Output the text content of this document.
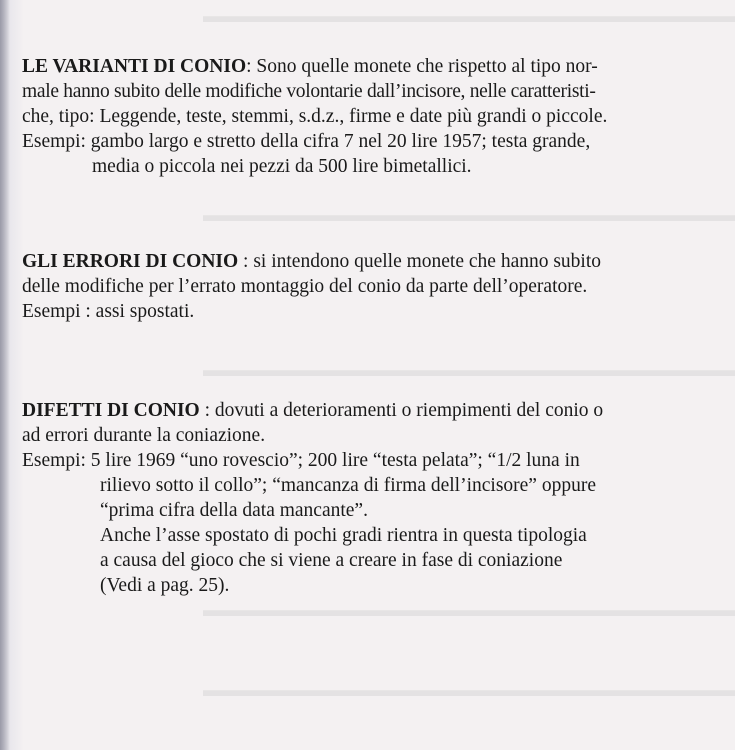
▬▬▬▬▬▬▬▬▬▬▬▬▬▬▬▬▬▬▬▬▬▬▬▬▬▬▬▬
▬▬▬▬▬▬▬▬▬▬▬▬▬▬▬▬▬▬▬▬▬▬▬▬▬▬▬▬
▬▬▬▬▬▬▬▬▬▬▬▬▬▬▬▬▬▬▬▬▬▬▬▬▬▬▬▬
▬▬▬▬▬▬▬▬▬▬▬▬▬▬▬▬▬▬▬▬▬▬▬▬▬▬▬▬
▬▬▬▬▬▬▬▬▬▬▬▬▬▬▬▬▬▬▬▬▬▬▬▬▬▬▬▬
LE VARIANTI DI CONIO: Sono quelle monete che rispetto al tipo nor-
male hanno subito delle modifiche volontarie dall’incisore, nelle caratteristi-
che, tipo: Leggende, teste, stemmi, s.d.z., firme e date più grandi o piccole.
Esempi: gambo largo e stretto della cifra 7 nel 20 lire 1957; testa grande,
media o piccola nei pezzi da 500 lire bimetallici.
GLI ERRORI DI CONIO : si intendono quelle monete che hanno subito
delle modifiche per l’errato montaggio del conio da parte dell’operatore.
Esempi : assi spostati.
DIFETTI DI CONIO : dovuti a deterioramenti o riempimenti del conio o
ad errori durante la coniazione.
Esempi: 5 lire 1969 “uno rovescio”; 200 lire “testa pelata”; “1/2 luna in
rilievo sotto il collo”; “mancanza di firma dell’incisore” oppure
“prima cifra della data mancante”.
Anche l’asse spostato di pochi gradi rientra in questa tipologia
a causa del gioco che si viene a creare in fase di coniazione
(Vedi a pag. 25).
